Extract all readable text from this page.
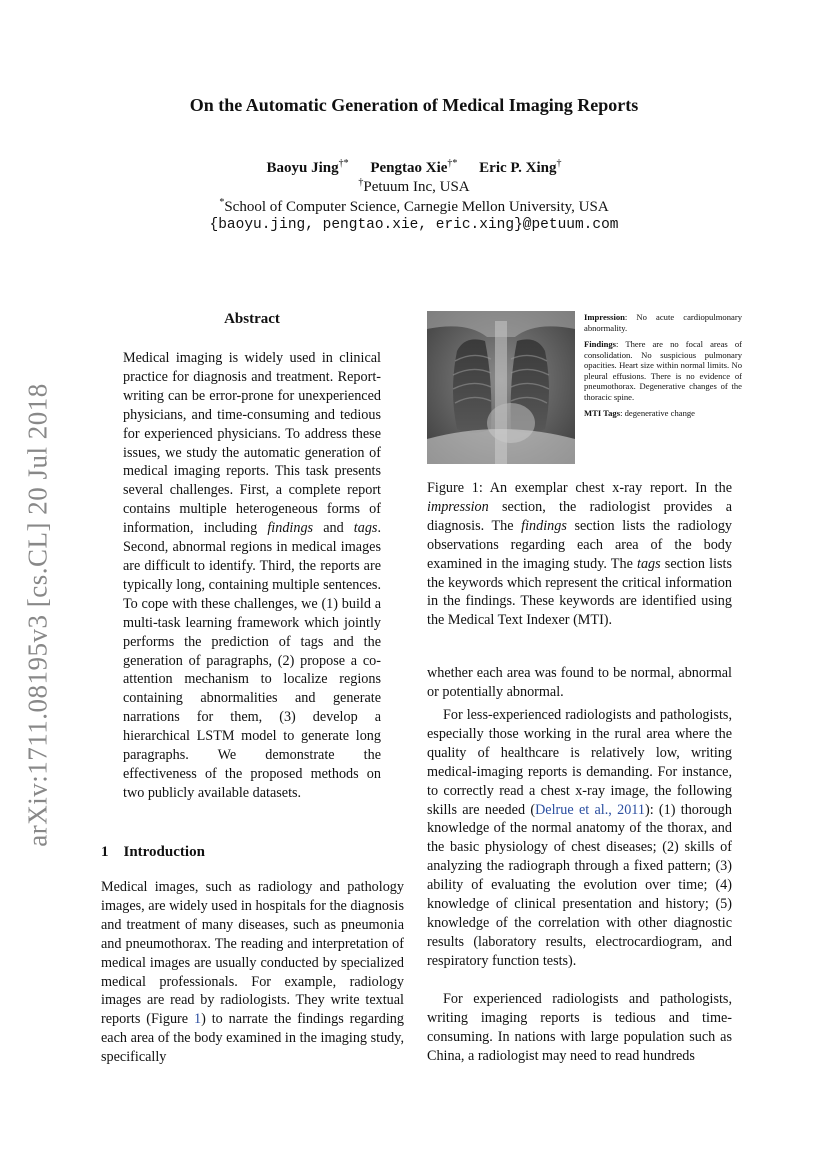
On the Automatic Generation of Medical Imaging Reports
Baoyu Jing†* Pengtao Xie†* Eric P. Xing†
†Petuum Inc, USA
*School of Computer Science, Carnegie Mellon University, USA
{baoyu.jing, pengtao.xie, eric.xing}@petuum.com
arXiv:1711.08195v3 [cs.CL] 20 Jul 2018
Abstract
Medical imaging is widely used in clinical practice for diagnosis and treatment. Report-writing can be error-prone for unexperienced physicians, and time-consuming and tedious for experienced physicians. To address these issues, we study the automatic generation of medical imaging reports. This task presents several challenges. First, a complete report contains multiple heterogeneous forms of information, including findings and tags. Second, abnormal regions in medical images are difficult to identify. Third, the reports are typically long, containing multiple sentences. To cope with these challenges, we (1) build a multi-task learning framework which jointly performs the prediction of tags and the generation of paragraphs, (2) propose a co-attention mechanism to localize regions containing abnormalities and generate narrations for them, (3) develop a hierarchical LSTM model to generate long paragraphs. We demonstrate the effectiveness of the proposed methods on two publicly available datasets.
1 Introduction
Medical images, such as radiology and pathology images, are widely used in hospitals for the diagnosis and treatment of many diseases, such as pneumonia and pneumothorax. The reading and interpretation of medical images are usually conducted by specialized medical professionals. For example, radiology images are read by radiologists. They write textual reports (Figure 1) to narrate the findings regarding each area of the body examined in the imaging study, specifically

Impression: No acute cardiopulmonary abnormality.

Findings: There are no focal areas of consolidation. No suspicious pulmonary opacities. Heart size within normal limits. No pleural effusions. There is no evidence of pneumothorax. Degenerative changes of the thoracic spine.

MTI Tags: degenerative change

Figure 1: An exemplar chest x-ray report. In the impression section, the radiologist provides a diagnosis. The findings section lists the radiology observations regarding each area of the body examined in the imaging study. The tags section lists the keywords which represent the critical information in the findings. These keywords are identified using the Medical Text Indexer (MTI).
whether each area was found to be normal, abnormal or potentially abnormal.
For less-experienced radiologists and pathologists, especially those working in the rural area where the quality of healthcare is relatively low, writing medical-imaging reports is demanding. For instance, to correctly read a chest x-ray image, the following skills are needed (Delrue et al., 2011): (1) thorough knowledge of the normal anatomy of the thorax, and the basic physiology of chest diseases; (2) skills of analyzing the radiograph through a fixed pattern; (3) ability of evaluating the evolution over time; (4) knowledge of clinical presentation and history; (5) knowledge of the correlation with other diagnostic results (laboratory results, electrocardiogram, and respiratory function tests).
For experienced radiologists and pathologists, writing imaging reports is tedious and time-consuming. In nations with large population such as China, a radiologist may need to read hundreds
